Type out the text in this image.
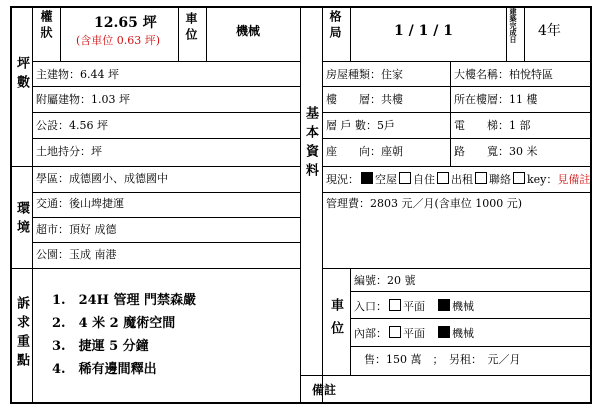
坪數
環境
訴求重點
權狀	12.65 坪
(含車位 0.63 坪) 車位	機械
主建物：6.44 坪
附屬建物：1.03 坪
公設：4.56 坪
土地持分：坪
學區：成德國小、成德國中
交通：後山埤捷運
超市：頂好 成德
公園：玉成 南港
1.　24H 管理 門禁森嚴
2.　4 米 2 魔術空間
3.　捷運 5 分鐘
4.　稀有邊間釋出
基本資料
格局	1 / 1 / 1	建築完成日 4年
房屋種類：住家	大樓名稱：柏悅特區
樓　　層：共樓	所在樓層：11 樓
層 戶 數：5戶	電　　梯：1 部
座　　向：座朝	路　　寬：30 米
現況： 空屋 自住 出租 聯絡 key：見備註
管理費：2803 元／月(含車位 1000 元)
車位
編號：20 號
入口： 平面　 機械
內部： 平面　 機械
售：150 萬　；　另租：　元／月
備註
